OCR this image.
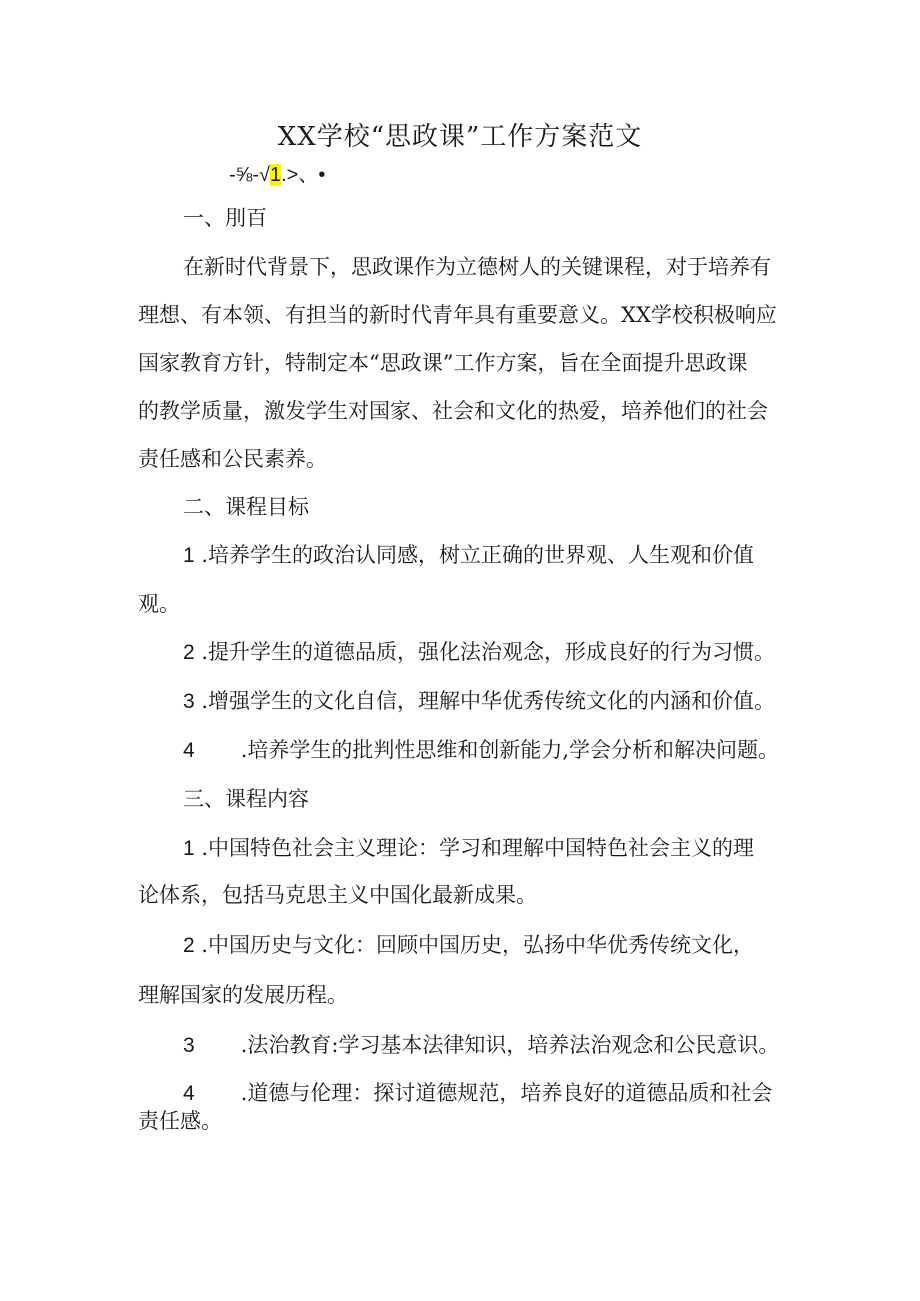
XX学校“思政课”工作方案范文
-⅝-√1.>、•
一、刖百
在新时代背景下，思政课作为立德树人的关键课程，对于培养有
理想、有本领、有担当的新时代青年具有重要意义。XX学校积极响应
国家教育方针，特制定本“思政课”工作方案，旨在全面提升思政课
的教学质量，激发学生对国家、社会和文化的热爱，培养他们的社会
责任感和公民素养。
二、课程目标
1 .培养学生的政治认同感，树立正确的世界观、人生观和价值
观。
2 .提升学生的道德品质，强化法治观念，形成良好的行为习惯。
3 .增强学生的文化自信，理解中华优秀传统文化的内涵和价值。
4 .培养学生的批判性思维和创新能力,学会分析和解决问题。
三、课程内容
1 .中国特色社会主义理论：学习和理解中国特色社会主义的理
论体系，包括马克思主义中国化最新成果。
2 .中国历史与文化：回顾中国历史，弘扬中华优秀传统文化，
理解国家的发展历程。
3 .法治教育:学习基本法律知识，培养法治观念和公民意识。
4 .道德与伦理：探讨道德规范，培养良好的道德品质和社会
责任感。
